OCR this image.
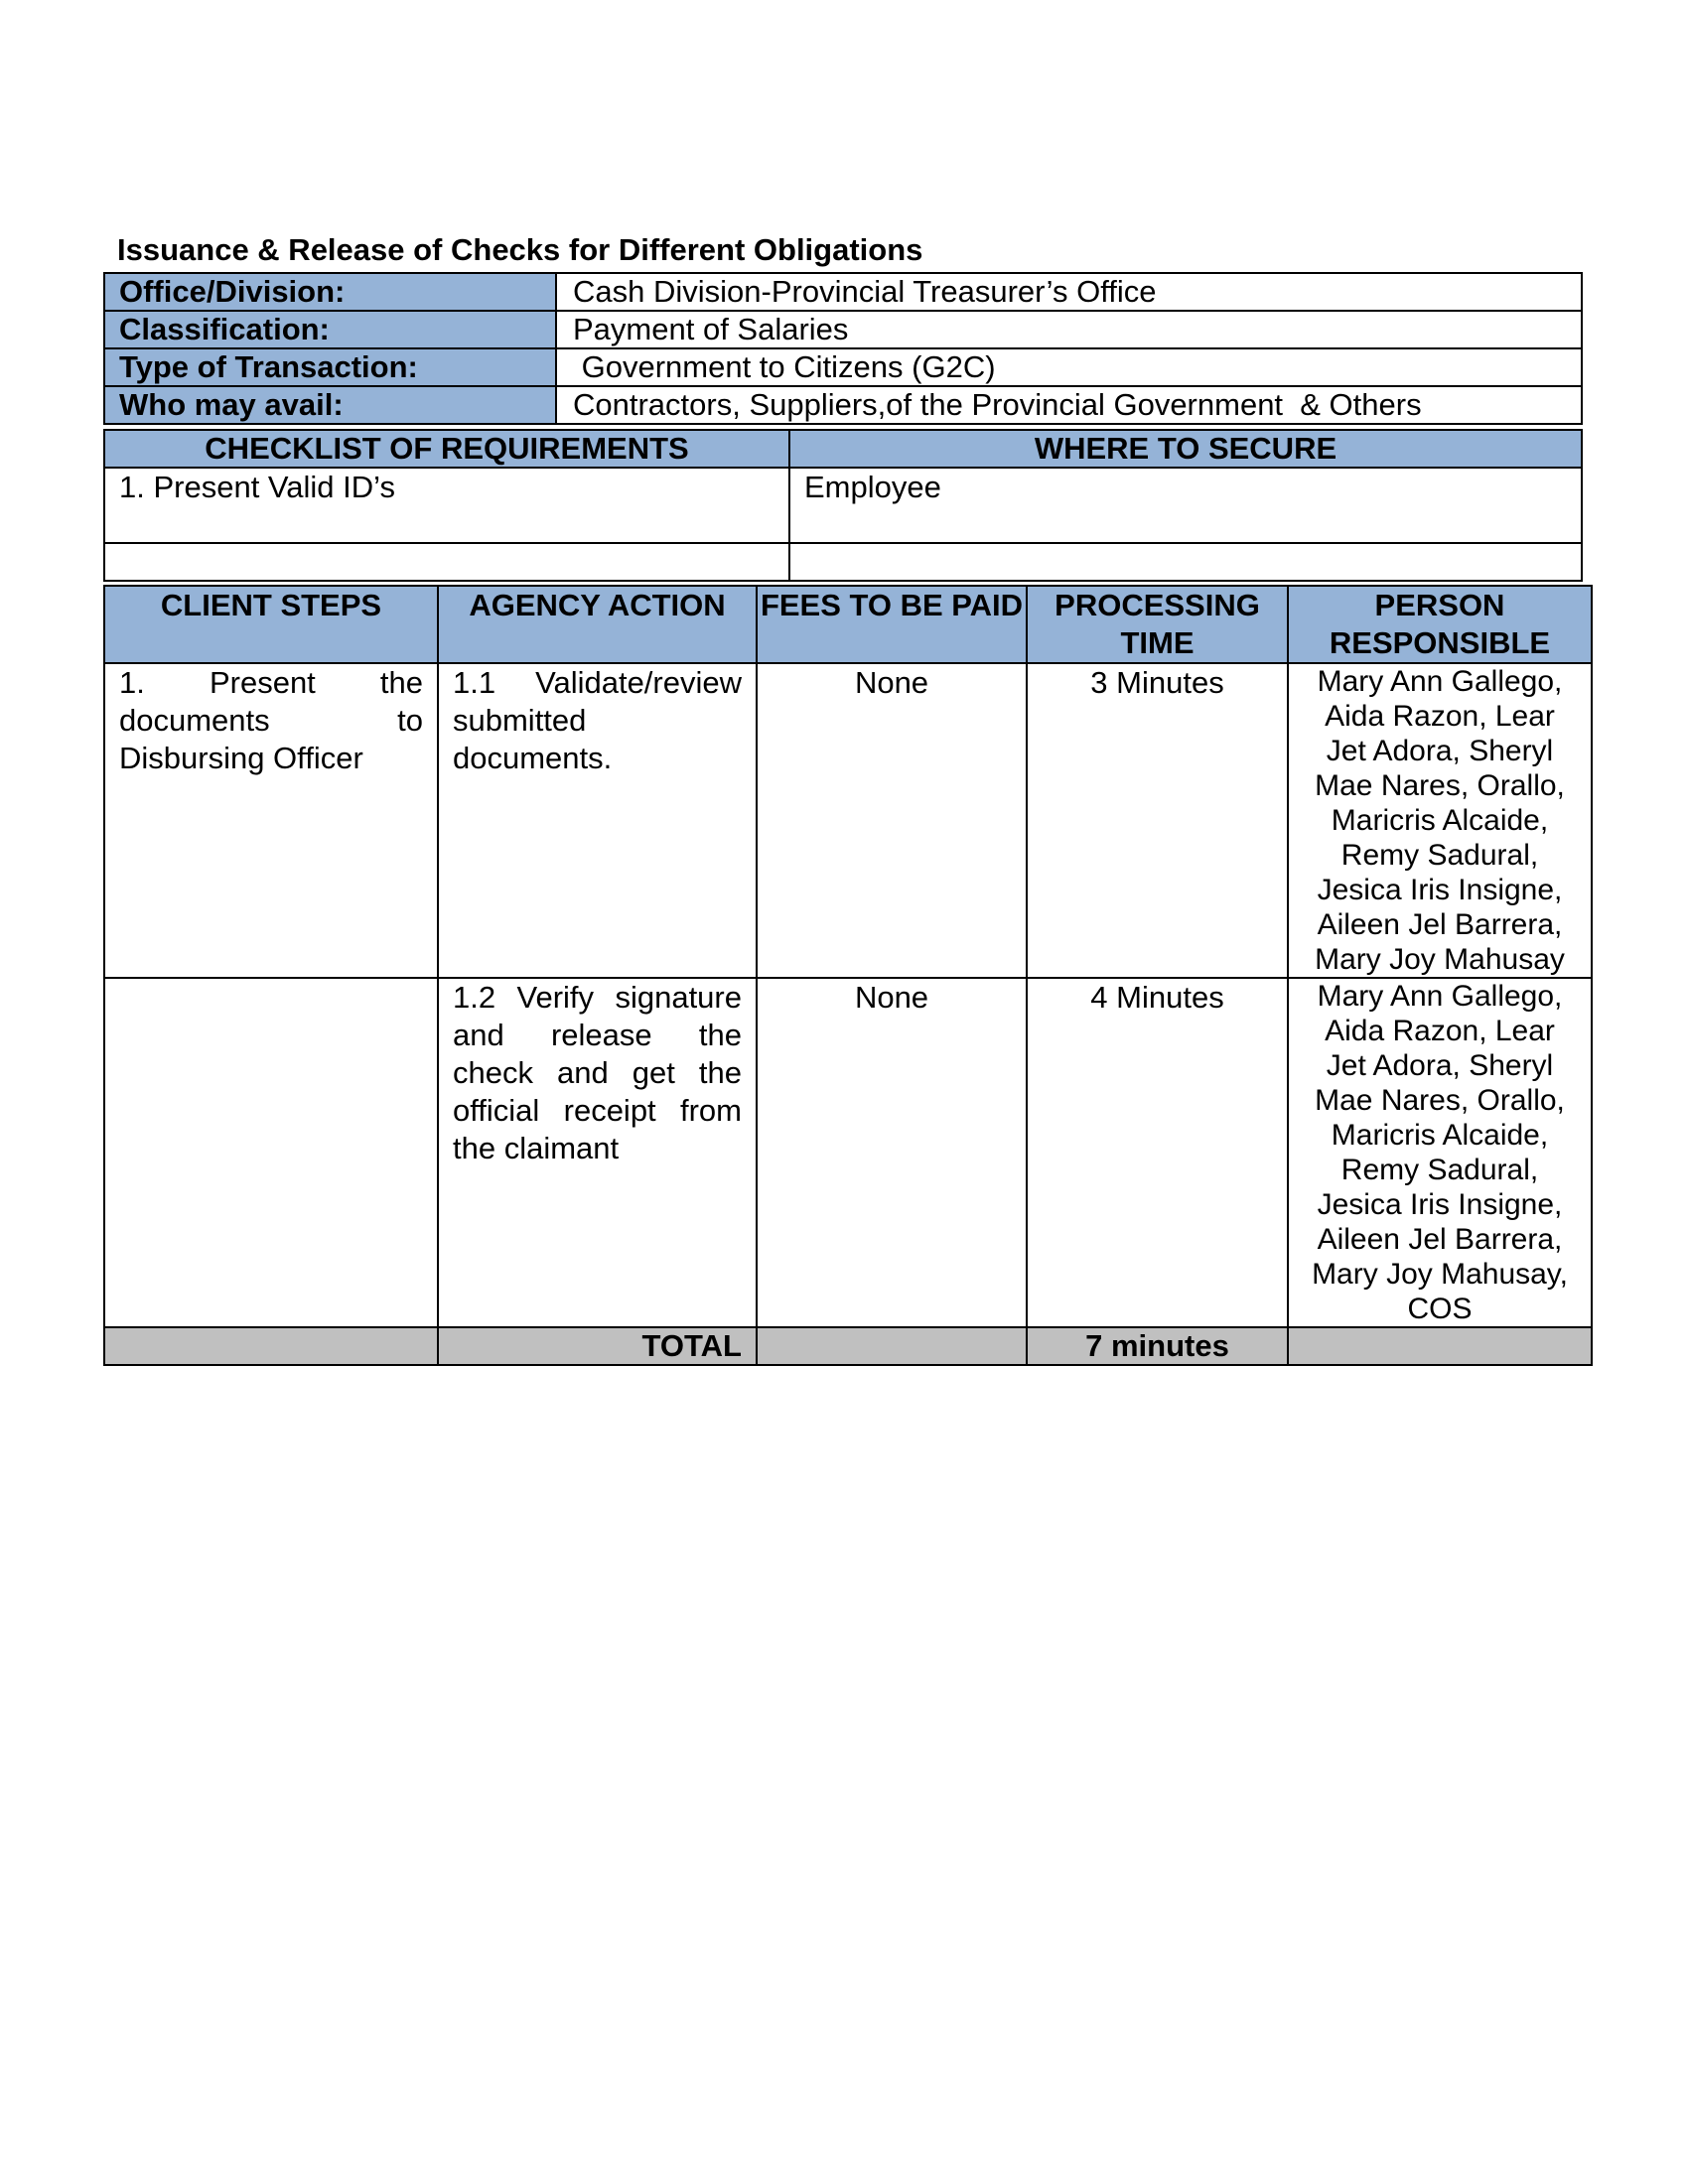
Issuance & Release of Checks for Different Obligations
Office/Division:	Cash Division-Provincial Treasurer’s Office
Classification:	Payment of Salaries
Type of Transaction:	Government to Citizens (G2C)
Who may avail:	Contractors, Suppliers,of the Provincial Government  & Others
CHECKLIST OF REQUIREMENTS	WHERE TO SECURE
1. Present Valid ID’s	Employee

CLIENT STEPS	AGENCY ACTION	FEES TO BE PAID	PROCESSING TIME	PERSON RESPONSIBLE

1. Present the documents to
Disbursing Officer	1.1 Validate/review submitted documents.	None	3 Minutes	Mary Ann Gallego, Aida Razon, Lear Jet Adora, Sheryl Mae Nares, Orallo, Maricris Alcaide, Remy Sadural, Jesica Iris Insigne, Aileen Jel Barrera, Mary Joy Mahusay

	1.2 Verify signature and release the check and get the official receipt from the claimant	None	4 Minutes	Mary Ann Gallego, Aida Razon, Lear Jet Adora, Sheryl Mae Nares, Orallo, Maricris Alcaide, Remy Sadural, Jesica Iris Insigne, Aileen Jel Barrera, Mary Joy Mahusay, COS
	TOTAL		7 minutes	
